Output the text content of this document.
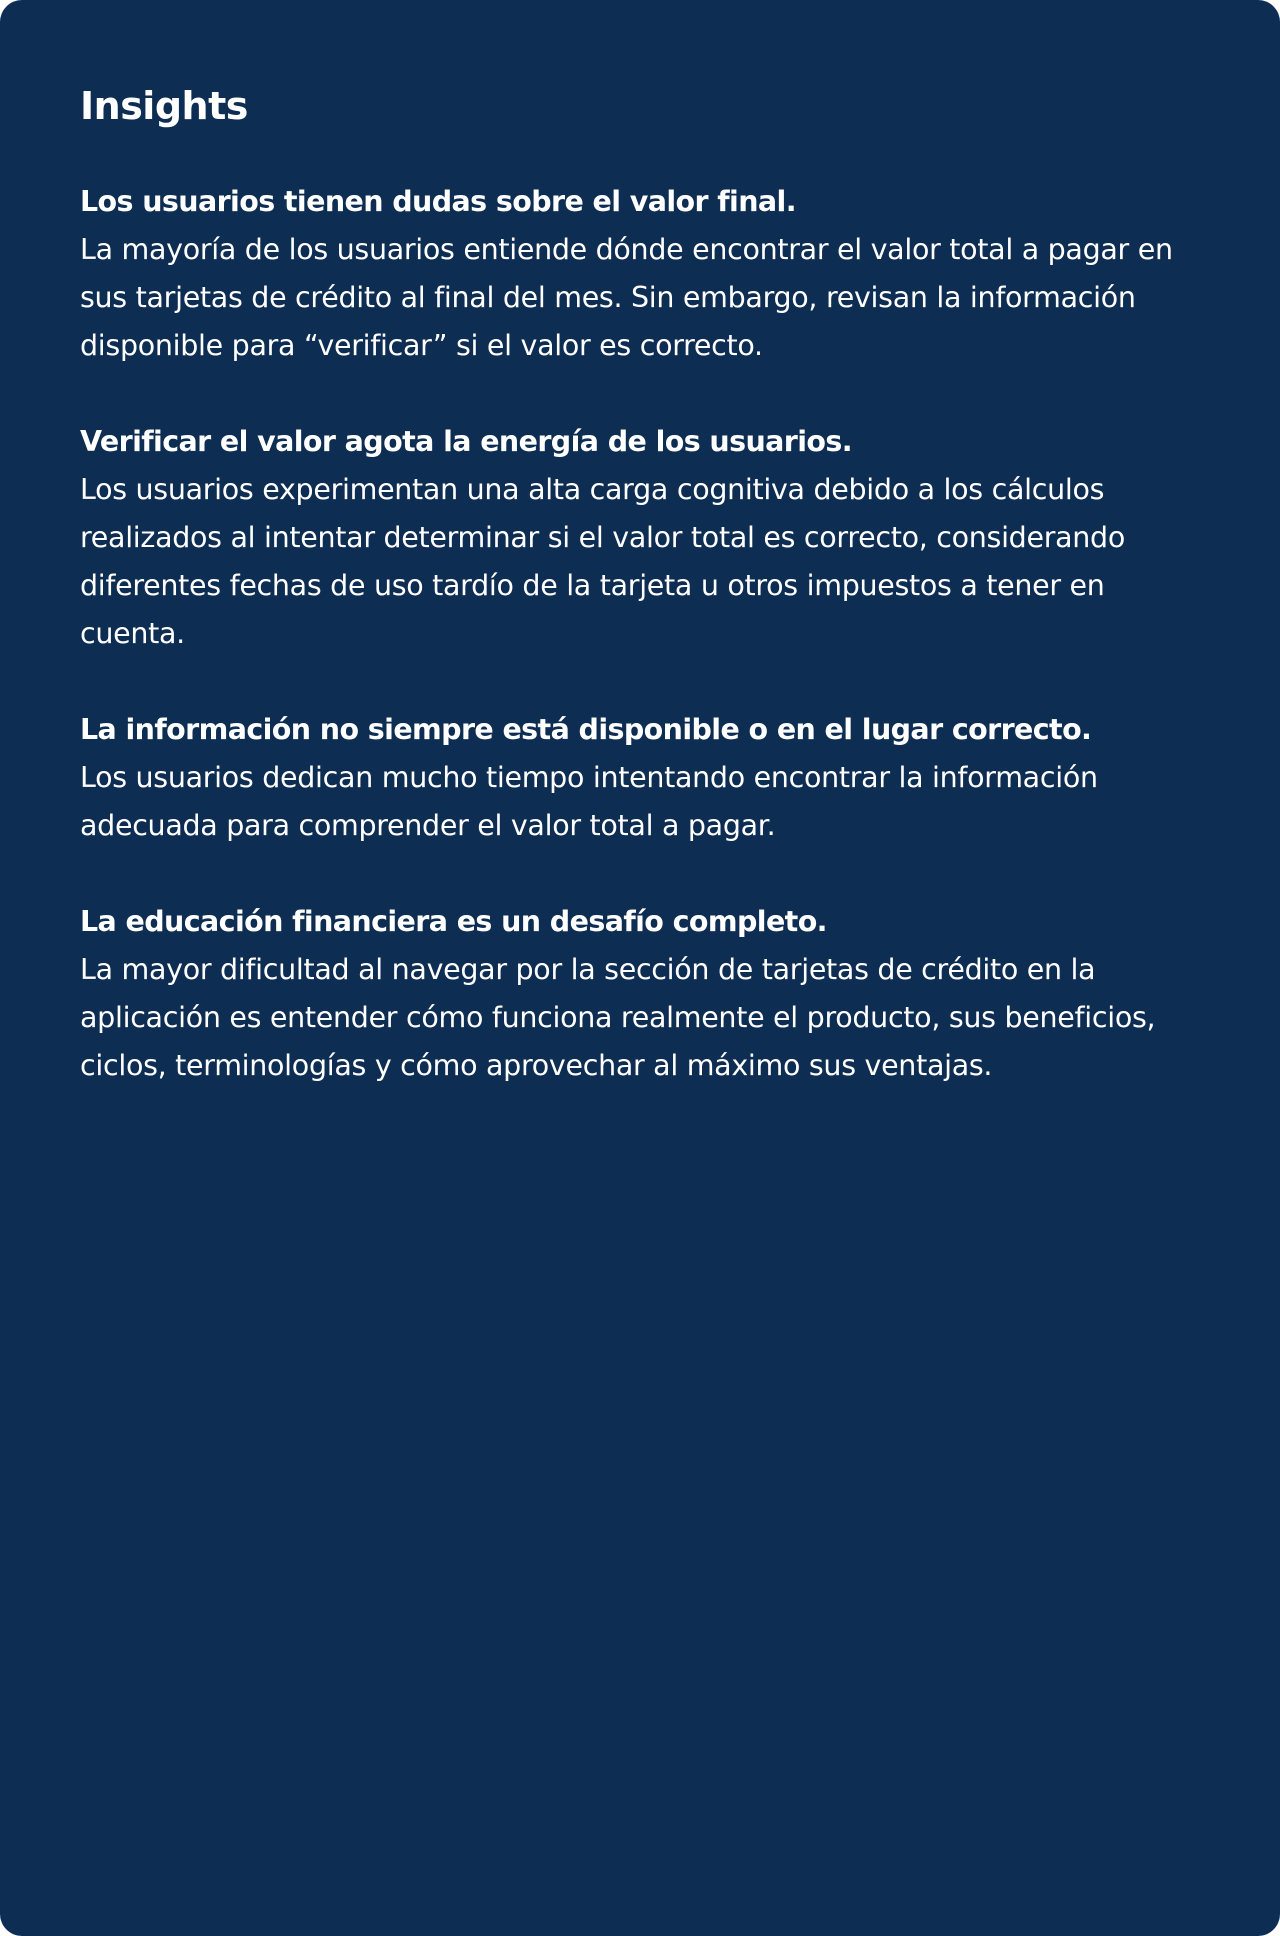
Insights
Los usuarios tienen dudas sobre el valor final.
La mayoría de los usuarios entiende dónde encontrar el valor total a pagar en sus tarjetas de crédito al final del mes. Sin embargo, revisan la información disponible para “verificar” si el valor es correcto.
Verificar el valor agota la energía de los usuarios.
Los usuarios experimentan una alta carga cognitiva debido a los cálculos realizados al intentar determinar si el valor total es correcto, considerando diferentes fechas de uso tardío de la tarjeta u otros impuestos a tener en cuenta.
La información no siempre está disponible o en el lugar correcto.
Los usuarios dedican mucho tiempo intentando encontrar la información adecuada para comprender el valor total a pagar.
La educación financiera es un desafío completo.
La mayor dificultad al navegar por la sección de tarjetas de crédito en la aplicación es entender cómo funciona realmente el producto, sus beneficios, ciclos, terminologías y cómo aprovechar al máximo sus ventajas.
